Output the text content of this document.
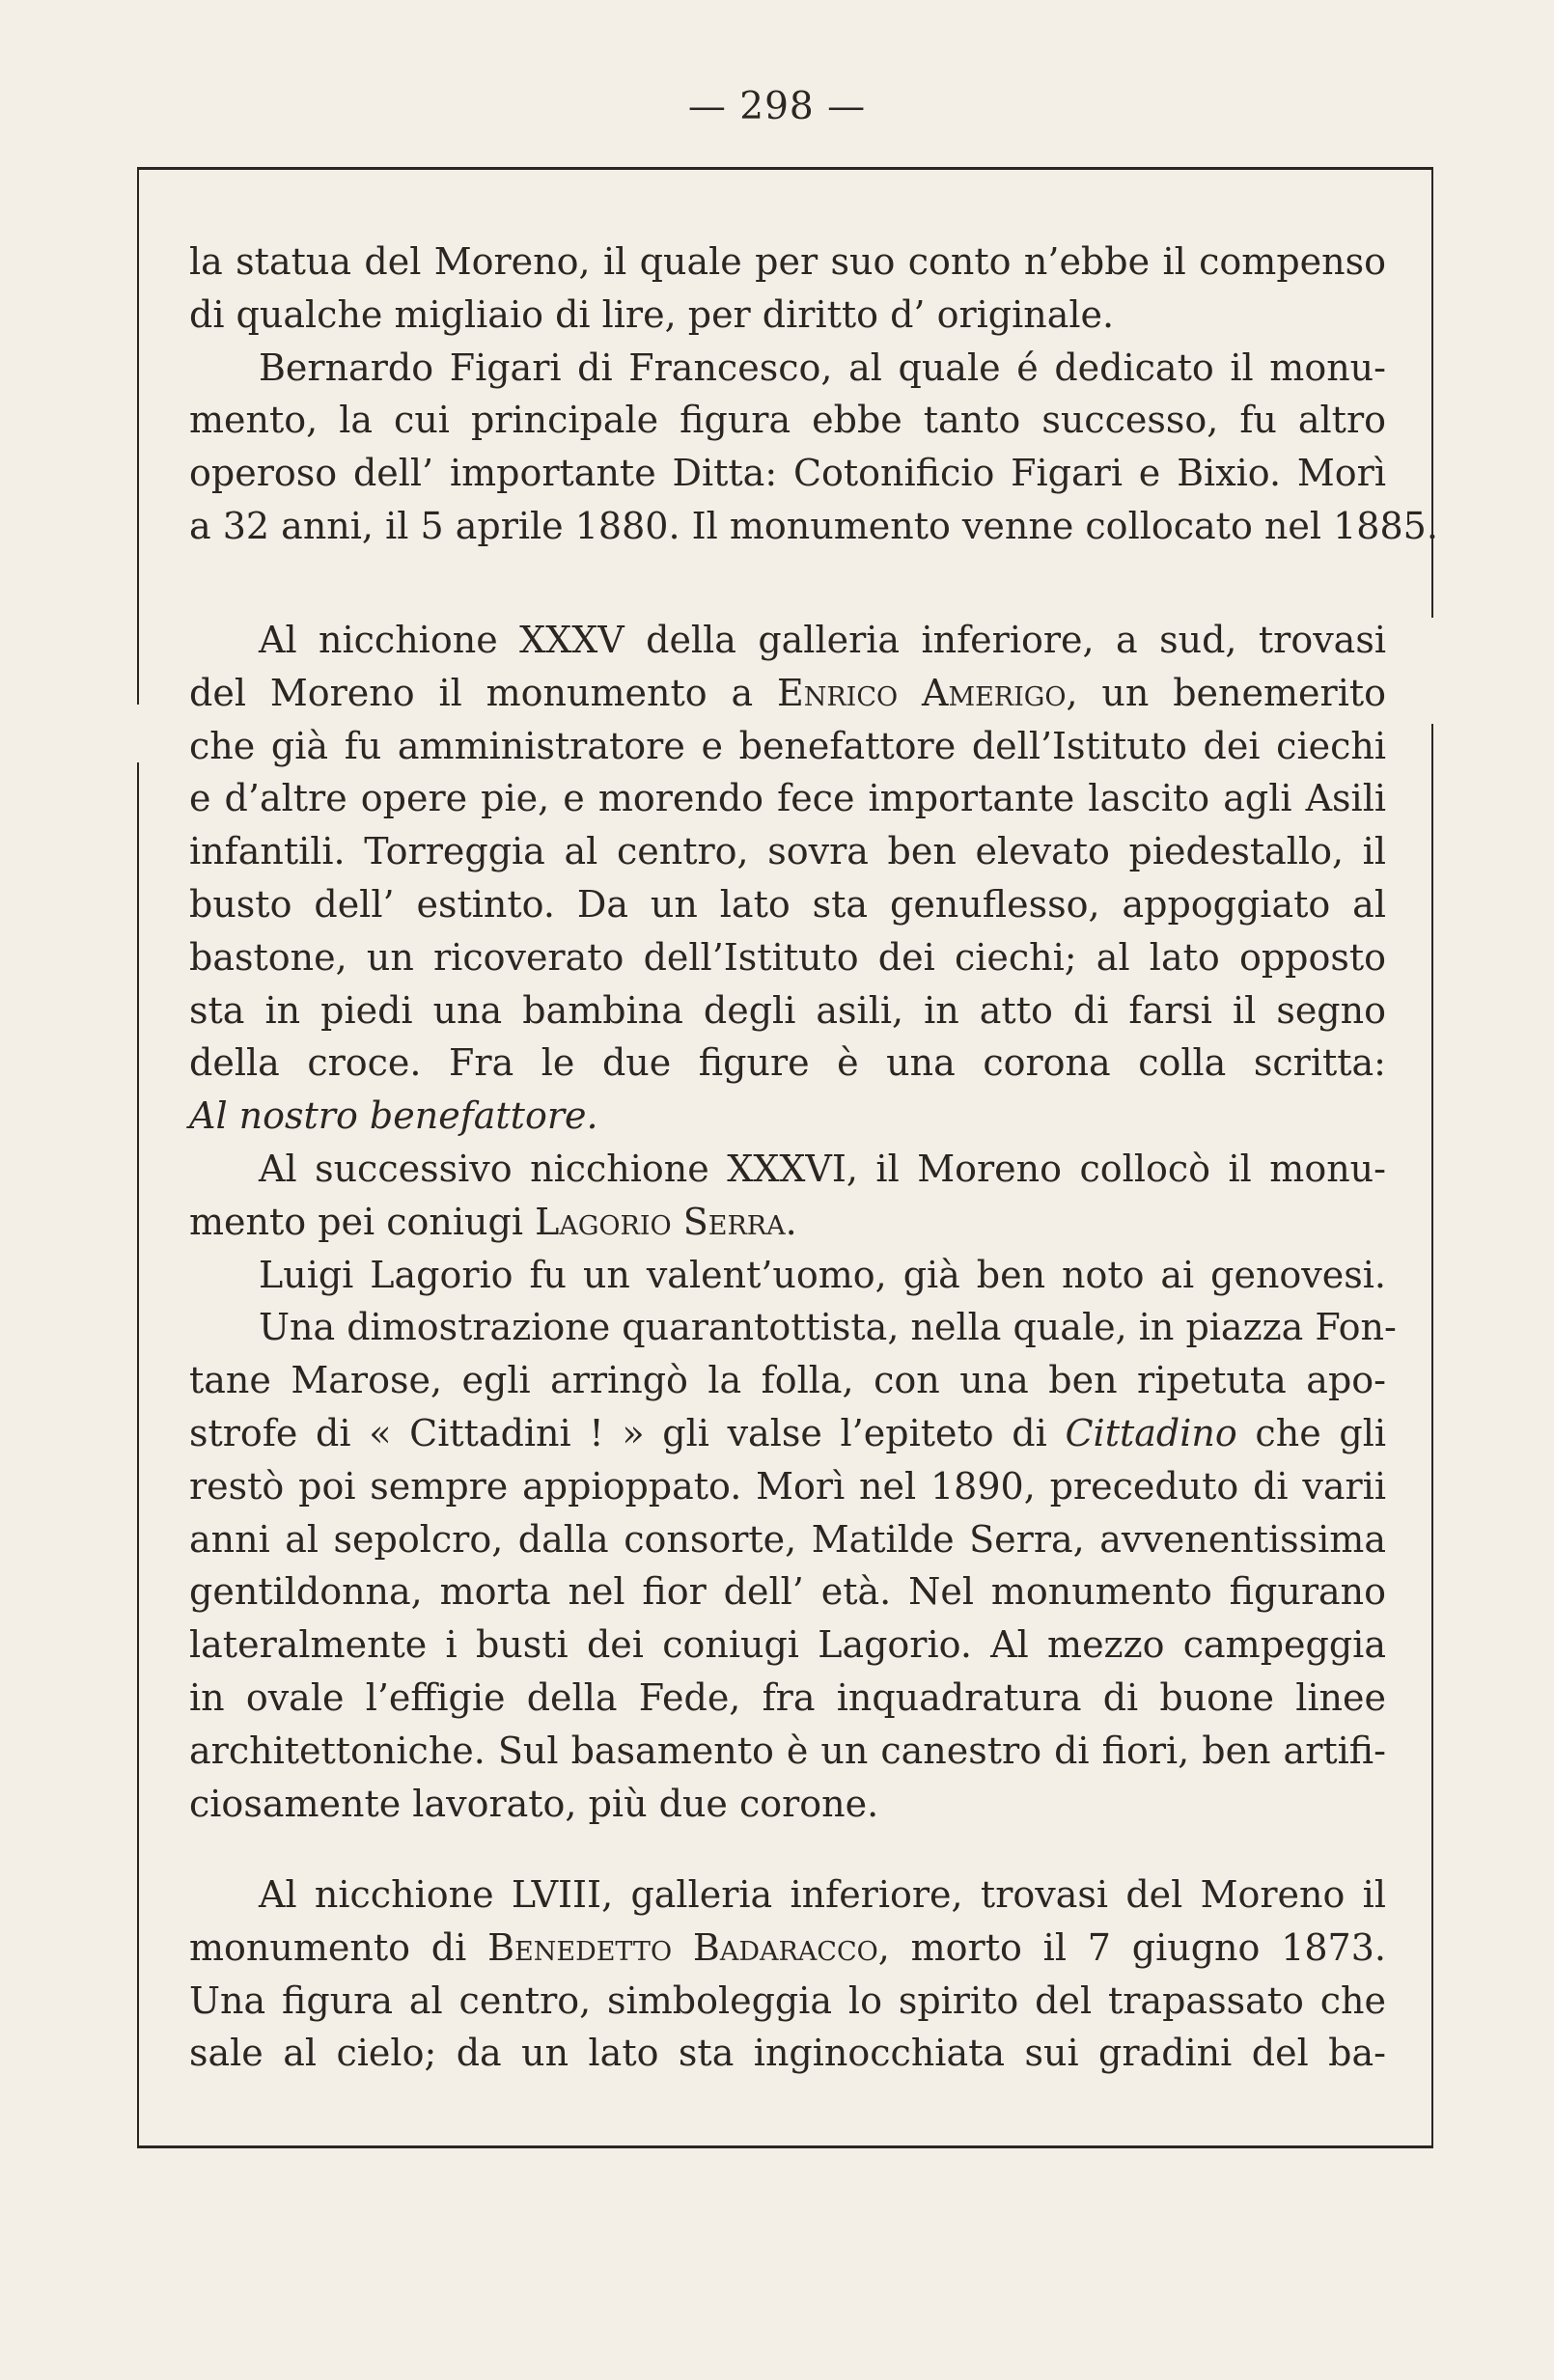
— 298 —
la statua del Moreno, il quale per suo conto n’ebbe il compenso
di qualche migliaio di lire, per diritto d’ originale.
Bernardo Figari di Francesco, al quale é dedicato il monu-
mento, la cui principale figura ebbe tanto successo, fu altro
operoso dell’ importante Ditta: Cotonificio Figari e Bixio. Morì
a 32 anni, il 5 aprile 1880. Il monumento venne collocato nel 1885.
Al nicchione XXXV della galleria inferiore, a sud, trovasi
del Moreno il monumento a Enrico Amerigo, un benemerito
che già fu amministratore e benefattore dell’Istituto dei ciechi
e d’altre opere pie, e morendo fece importante lascito agli Asili
infantili. Torreggia al centro, sovra ben elevato piedestallo, il
busto dell’ estinto. Da un lato sta genuflesso, appoggiato al
bastone, un ricoverato dell’Istituto dei ciechi; al lato opposto
sta in piedi una bambina degli asili, in atto di farsi il segno
della croce. Fra le due figure è una corona colla scritta:
Al nostro benefattore.
Al successivo nicchione XXXVI, il Moreno collocò il monu-
mento pei coniugi Lagorio Serra.
Luigi Lagorio fu un valent’uomo, già ben noto ai genovesi.
Una dimostrazione quarantottista, nella quale, in piazza Fon-
tane Marose, egli arringò la folla, con una ben ripetuta apo-
strofe di « Cittadini ! » gli valse l’epiteto di Cittadino che gli
restò poi sempre appioppato. Morì nel 1890, preceduto di varii
anni al sepolcro, dalla consorte, Matilde Serra, avvenentissima
gentildonna, morta nel fior dell’ età. Nel monumento figurano
lateralmente i busti dei coniugi Lagorio. Al mezzo campeggia
in ovale l’effigie della Fede, fra inquadratura di buone linee
architettoniche. Sul basamento è un canestro di fiori, ben artifi-
ciosamente lavorato, più due corone.
Al nicchione LVIII, galleria inferiore, trovasi del Moreno il
monumento di Benedetto Badaracco, morto il 7 giugno 1873.
Una figura al centro, simboleggia lo spirito del trapassato che
sale al cielo; da un lato sta inginocchiata sui gradini del ba-
